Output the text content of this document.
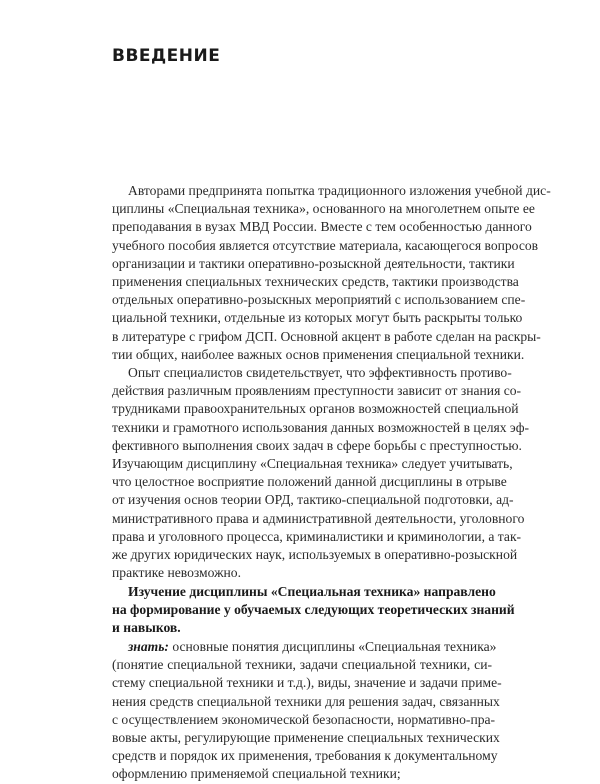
ВВЕДЕНИЕ
Авторами предпринята попытка традиционного изложения учебной дис-
циплины «Специальная техника», основанного на многолетнем опыте ее
преподавания в вузах МВД России. Вместе с тем особенностью данного
учебного пособия является отсутствие материала, касающегося вопросов
организации и тактики оперативно-розыскной деятельности, тактики
применения специальных технических средств, тактики производства
отдельных оперативно-розыскных мероприятий с использованием спе-
циальной техники, отдельные из которых могут быть раскрыты только
в литературе с грифом ДСП. Основной акцент в работе сделан на раскры-
тии общих, наиболее важных основ применения специальной техники.
Опыт специалистов свидетельствует, что эффективность противо-
действия различным проявлениям преступности зависит от знания со-
трудниками правоохранительных органов возможностей специальной
техники и грамотного использования данных возможностей в целях эф-
фективного выполнения своих задач в сфере борьбы с преступностью.
Изучающим дисциплину «Специальная техника» следует учитывать,
что целостное восприятие положений данной дисциплины в отрыве
от изучения основ теории ОРД, тактико-специальной подготовки, ад-
министративного права и административной деятельности, уголовного
права и уголовного процесса, криминалистики и криминологии, а так-
же других юридических наук, используемых в оперативно-розыскной
практике невозможно.
Изучение дисциплины «Специальная техника» направлено
на формирование у обучаемых следующих теоретических знаний
и навыков.
знать: основные понятия дисциплины «Специальная техника»
(понятие специальной техники, задачи специальной техники, си-
стему специальной техники и т.д.), виды, значение и задачи приме-
нения средств специальной техники для решения задач, связанных
с осуществлением экономической безопасности, нормативно-пра-
вовые акты, регулирующие применение специальных технических
средств и порядок их применения, требования к документальному
оформлению применяемой специальной техники;
